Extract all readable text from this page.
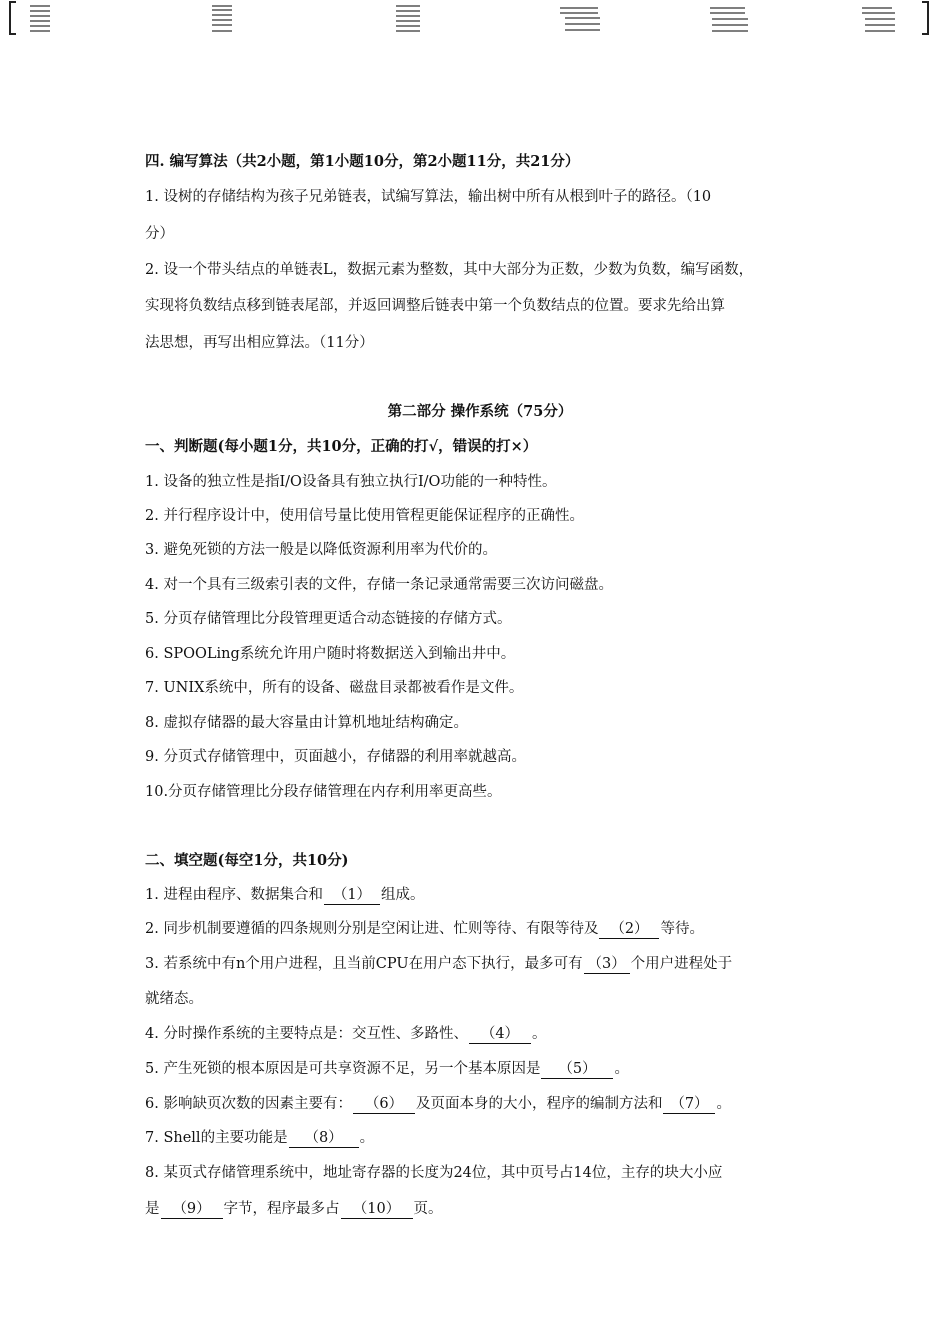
四. 编写算法（共2小题，第1小题10分，第2小题11分，共21分）
1. 设树的存储结构为孩子兄弟链表，试编写算法，输出树中所有从根到叶子的路径。（10
分）
2. 设一个带头结点的单链表L，数据元素为整数，其中大部分为正数，少数为负数，编写函数，
实现将负数结点移到链表尾部，并返回调整后链表中第一个负数结点的位置。要求先给出算
法思想，再写出相应算法。（11分）
第二部分 操作系统（75分）
一、判断题(每小题1分，共10分，正确的打√，错误的打×）
1. 设备的独立性是指I/O设备具有独立执行I/O功能的一种特性。
2. 并行程序设计中，使用信号量比使用管程更能保证程序的正确性。
3. 避免死锁的方法一般是以降低资源利用率为代价的。
4. 对一个具有三级索引表的文件，存储一条记录通常需要三次访问磁盘。
5. 分页存储管理比分段管理更适合动态链接的存储方式。
6. SPOOLing系统允许用户随时将数据送入到输出井中。
7. UNIX系统中，所有的设备、磁盘目录都被看作是文件。
8. 虚拟存储器的最大容量由计算机地址结构确定。
9. 分页式存储管理中，页面越小，存储器的利用率就越高。
10.分页存储管理比分段存储管理在内存利用率更高些。
二、填空题(每空1分，共10分)
1. 进程由程序、数据集合和 （1） 组成。
2. 同步机制要遵循的四条规则分别是空闲让进、忙则等待、有限等待及 （2） 等待。
3. 若系统中有n个用户进程，且当前CPU在用户态下执行，最多可有 （3） 个用户进程处于
就绪态。
4. 分时操作系统的主要特点是：交互性、多路性、 （4） 。
5. 产生死锁的根本原因是可共享资源不足，另一个基本原因是 （5） 。
6. 影响缺页次数的因素主要有： （6） 及页面本身的大小，程序的编制方法和 （7） 。
7. Shell的主要功能是 （8） 。
8. 某页式存储管理系统中，地址寄存器的长度为24位，其中页号占14位，主存的块大小应
是 （9） 字节，程序最多占 （10） 页。
